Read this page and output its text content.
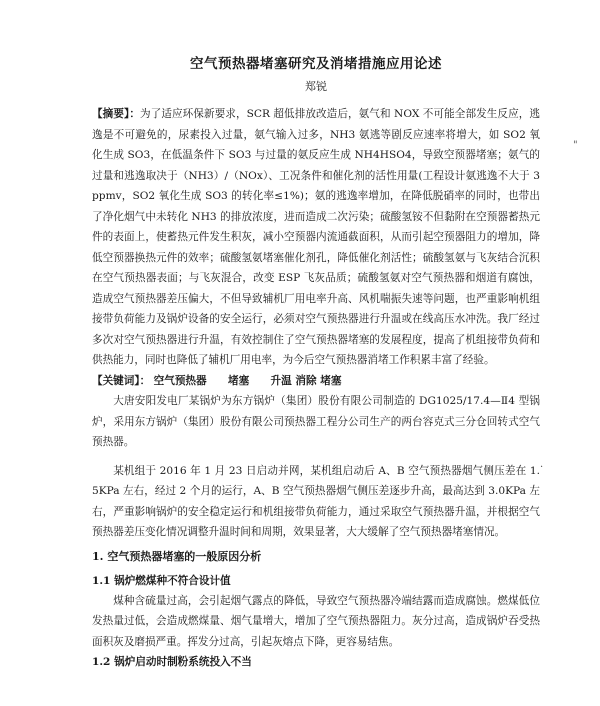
空气预热器堵塞研究及消堵措施应用论述
郑锐

【摘要】：为了适应环保新要求，SCR 超低排放改造后，氨气和 NOX 不可能全部发生反应，逃逸是不可避免的，尿素投入过量，氨气输入过多，NH3 氨逃等剧反应速率将增大，如 SO2 氧化生成 SO3，在低温条件下 SO3 与过量的氨反应生成 NH4HSO4，导致空预器堵塞；氨气的过量和逃逸取决于（NH3）/（NOx）、工况条件和催化剂的活性用量(工程设计氨逃逸不大于 3ppmv，SO2 氧化生成 SO3 的转化率≤1%)；氨的逃逸率增加，在降低脱硝率的同时，也带出了净化烟气中未转化 NH3 的排放浓度，进而造成二次污染；硫酸氢铵不但黏附在空预器蓄热元件的表面上，使蓄热元件发生积灰，减小空预器内流通截面积，从而引起空预器阻力的增加，降低空预器换热元件的效率；硫酸氢氨堵塞催化剂孔，降低催化剂活性；硫酸氢氨与飞灰结合沉积在空气预热器表面；与飞灰混合，改变 ESP 飞灰品质；硫酸氢氨对空气预热器和烟道有腐蚀，造成空气预热器差压偏大，不但导致辅机厂用电率升高、风机喘振失速等问题，也严重影响机组接带负荷能力及锅炉设备的安全运行，必须对空气预热器进行升温或在线高压水冲洗。我厂经过多次对空气预热器进行升温，有效控制住了空气预热器堵塞的发展程度，提高了机组接带负荷和供热能力，同时也降低了辅机厂用电率，为今后空气预热器消堵工作积累丰富了经验。

【关键词】： 空气预热器 堵塞 升温 消除 堵塞

大唐安阳发电厂某锅炉为东方锅炉（集团）股份有限公司制造的 DG1025/17.4—Ⅱ4 型锅炉，采用东方锅炉（集团）股份有限公司预热器工程分公司生产的两台容克式三分仓回转式空气预热器。

某机组于 2016 年 1 月 23 日启动并网，某机组启动后 A、B 空气预热器烟气侧压差在 1.5KPa 左右，经过 2 个月的运行，A、B 空气预热器烟气侧压差逐步升高，最高达到 3.0KPa 左右，严重影响锅炉的安全稳定运行和机组接带负荷能力，通过采取空气预热器升温，并根据空气预热器差压变化情况调整升温时间和周期，效果显著，大大缓解了空气预热器堵塞情况。

1. 空气预热器堵塞的一般原因分析
1.1 锅炉燃煤种不符合设计值

煤种含硫量过高，会引起烟气露点的降低，导致空气预热器冷端结露而造成腐蚀。燃煤低位发热量过低，会造成燃煤量、烟气量增大，增加了空气预热器阻力。灰分过高，造成锅炉吞受热面积灰及磨损严重。挥发分过高，引起灰熔点下降，更容易结焦。

1.2 锅炉启动时制粉系统投入不当
"
·
